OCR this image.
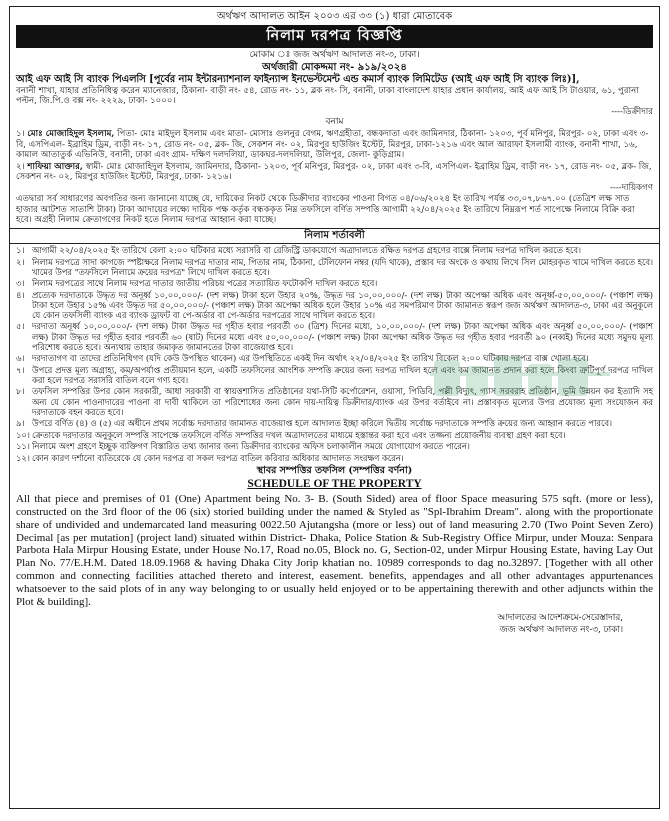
অর্থঋণ আদালত আইন ২০০৩ এর ৩৩ (১) ধারা মোতাবেক
নিলাম দরপত্র বিজ্ঞপ্তি
মোকাম ঃ জজ অর্থঋণ আদালত নং-৩, ঢাকা।
অর্থজারী মোকদ্দমা নং- ৯১৯/২০২৪
আই এফ আই সি ব্যাংক পিএলসি [পূর্বের নাম ইন্টারন্যাশনাল ফাইন্যান্স ইনভেস্টমেন্ট এন্ড কমার্স ব্যাংক লিমিটেড (আই এফ আই সি ব্যাংক লিঃ)],
বনানী শাখা, যাহার প্রতিনিধিত্ব করেন ম্যানেজার, ঠিকানা- বাড়ী নং- ৫৪, রোড নং- ১১, ব্লক নং- সি, বনানী, ঢাকা বাংলাদেশ যাহার প্রধান কার্যালয়, আই এফ আই সি টাওয়ার, ৬১, পুরানা পল্টন, জি.পি.ও বক্স নং- ২২২৯, ঢাকা- ১০০০।
----ডিক্রীদার
বনাম
১। মোঃ মোজাহিদুল ইসলাম, পিতা- মোঃ মাইদুল ইসলাম এবং মাতা- মোসাঃ গুলনুর বেগম, ঋণগ্রহীতা, বন্ধকদাতা এবং জামিনদার, ঠিকানা- ১২০৩, পূর্ব মনিপুর, মিরপুর- ০২, ঢাকা এবং ৩-বি, এসপিএল- ইব্রাহিম ড্রিম, বাড়ী নং- ১৭, রোড নং- ০৫, ব্লক- জি, সেকশন নং- ০২, মিরপুর হাউজিং ইস্টেট, মিরপুর, ঢাকা-১২১৬ এবং আল আরাফা ইসলামী ব্যাংক, বনানী শাখা, ১৬, কামাল আতাতুর্ক এভিনিউ, বনানী, ঢাকা এবং গ্রাম- দক্ষিণ দলদলিয়া, ডাকঘর-দলদলিয়া, উলিপুর, জেলা- কুড়িগ্রাম।
২। শাফিয়া আক্তার, স্বামী- মোঃ মোজাহিদুল ইসলাম, জামিনদার, ঠিকানা- ১২০৩, পূর্ব মনিপুর, মিরপুর- ০২, ঢাকা এবং ৩-বি, এসপিএল- ইব্রাহিম ড্রিম, বাড়ী নং- ১৭, রোড নং- ০৫, ব্লক- জি, সেকশন নং- ০২, মিরপুর হাউজিং ইস্টেট, মিরপুর, ঢাকা- ১২১৬।
----দায়িকগণ
এতদ্বারা সর্ব সাধারণের অবগতির জন্য জানানো যাচ্ছে যে, দায়িকের নিকট থেকে ডিক্রীদার ব্যাংকের পাওনা বিগত ০৪/০৬/২০২৪ ইং তারিখ পর্যন্ত ৩৩,০৭,৮৬৭.০০ (তেত্রিশ লক্ষ সাত হাজার আটশত সাতাশি টাকা) টাকা আদায়ের লক্ষ্যে দায়িক পক্ষ কর্তৃক বন্ধককৃত নিম্ন তফসিলে বর্ণিত সম্পত্তি আগামী ২২/০৪/২০২৫ ইং তারিখে নিম্নরূপ শর্ত সাপেক্ষে নিলামে বিক্রি করা হবে। অগ্রহী নিলাম ক্রেতাগণের নিকট হতে নিলাম দরপত্র আহ্বান করা যাচ্ছে।
নিলাম শর্তাবলী
১। আগামী ২২/০৪/২০২৫ ইং তারিখে বেলা ২:০০ ঘটিকার মধ্যে সরাসরি বা রেজিস্ট্রি ডাকযোগে অত্রাদালতে রক্ষিত দরপত্র গ্রহণের বাক্সে নিলাম দরপত্র দাখিল করতে হবে।
২। নিলাম দরপত্রে সাদা কাগজে স্পষ্টাক্ষরে নিলাম দরপত্র দাতার নাম, পিতার নাম, ঠিকানা, টেলিফোন নম্বর (যদি থাকে), প্রস্তাব দর অংকে ও কথায় লিখে সিল মোহরকৃত খামে দাখিল করতে হবে। খামের উপর "তফসিলে নিলামে ক্রয়ের দরপত্র" লিখে দাখিল করতে হবে।
৩। নিলাম দরপত্রের সাথে নিলাম দরপত্র দাতার জাতীয় পরিচয় পত্রের সত্যায়িত ফটোকপি দাখিল করতে হবে।
৪। প্রত্যেক দরদাতাকে উদ্ধৃত দর অনূর্ধ্ব ১০,০০,০০০/- (দশ লক্ষ) টাকা হলে উহার ২০%, উদ্ধৃত দর ১০,০০,০০০/- (দশ লক্ষ) টাকা অপেক্ষা অধিক এবং অনূর্ধ্ব-৫০,০০,০০০/- (পঞ্চাশ লক্ষ) টাকা হলে উহার ১৫% এবং উদ্ধৃত দর ৫০,০০,০০০/- (পঞ্চাশ লক্ষ) টাকা অপেক্ষা অধিক হলে উহার ১০% এর সমপরিমাণ টাকা জামানত স্বরূপ জজ অর্থঋণ আদালত-৩, ঢাকা এর অনুকূলে যে কোন তফসিলী ব্যাংক এর ব্যাংক ড্রাফট বা পে-অর্ডার বা পে-অর্ডার দরপত্রের সাথে দাখিল করতে হবে।
৫। দরদাতা অনূর্ধ্ব ১০,০০,০০০/- (দশ লক্ষ) টাকা উদ্ধৃত দর গৃহীত হবার পরবর্তী ৩০ (ত্রিশ) দিনের মধ্যে, ১০,০০,০০০/- (দশ লক্ষ) টাকা অপেক্ষা অধিক এবং অনূর্ধ্ব ৫০,০০,০০০/- (পঞ্চাশ লক্ষ) টাকা উদ্ধৃত দর গৃহীত হবার পরবর্তী ৬০ (ষাট) দিনের মধ্যে এবং ৫০,০০,০০০/- (পঞ্চাশ লক্ষ) টাকা অপেক্ষা অধিক উদ্ধৃত দর গৃহীত হবার পরবর্তী ৯০ (নব্বই) দিনের মধ্যে সমুদয় মূল্য পরিশোধ করতে হবে। অন্যথায় তাহার জমাকৃত জামানতের টাকা বাজেয়াপ্ত হবে।
৬। দরদাতাগণ বা তাদের প্রতিনিধিগণ (যদি কেউ উপস্থিত থাকেন) এর উপস্থিতিতে একই দিন অর্থাৎ ২২/০৪/২০২৫ ইং তারিখ বিকেল ২:০০ ঘটিকায় দরপত্র বাক্স খোলা হবে।
৭। উপরে প্রদত্ত মূল্য অগ্রাহ্য, কম/অপর্যাপ্ত প্রতীয়মান হলে, একটি তফসিলের আংশিক সম্পত্তি ক্রয়ের জন্য দরপত্র দাখিল হলে এবং কম জামানত প্রদান করা হলে কিংবা ত্রুটিপূর্ণ দরপত্র দাখিল করা হলে দরপত্র সরাসরি বাতিল বলে গণ্য হবে।
৮। তফসিল সম্পত্তির উপর কোন সরকারী, আধা সরকারী বা স্বায়ত্তশাসিত প্রতিষ্ঠানের যথা-সিটি কর্পোরেশন, ওয়াসা, পিডিবি, পল্লী বিদ্যুৎ, গ্যাস সরবরাহ প্রতিষ্ঠান, ভূমি উন্নয়ন কর ইত্যাদি সহ অন্য যে কোন পাওনাদারের পাওনা বা দাবী থাকিলে তা পরিশোধের জন্য কোন দায়-দায়িত্ব ডিক্রীদার/ব্যাংক এর উপর বর্তাইবে না। প্রস্তাবকৃত মূল্যের উপর প্রযোজ্য মূল্য সংযোজন কর দরদাতাকে বহন করতে হবে।
৯। উপরে বর্ণিত (৪) ও (৫) এর অধীনে প্রথম সর্বোচ্চ দরদাতার জামানত বাজেয়াপ্ত হলে আদালত ইচ্ছা করিলে দ্বিতীয় সর্বোচ্চ দরদাতাকে সম্পত্তি ক্রয়ের জন্য আহ্বান করতে পারবে।
১০। ক্রেতাকে দরদাতার অনুকূলে সম্পত্তি সাপেক্ষে তফসিলে বর্ণিত সম্পত্তির দখল অত্রাদালতের মাধ্যমে হস্তান্তর করা হবে এবং তজ্জন্য প্রয়োজনীয় ব্যবস্থা গ্রহণ করা হবে।
১১। নিলামে অংশ গ্রহণে ইচ্ছুক ব্যক্তিগণ বিস্তারিত তথ্য জানার জন্য ডিক্রীদার ব্যাংকের অফিস চলাকালীন সময়ে যোগাযোগ করতে পারেন।
১২। কোন কারণ দর্শানো ব্যতিরেকে যে কোন দরপত্র বা সকল দরপত্র বাতিল করিবার অধিকার আদালত সংরক্ষণ করেন।
স্থাবর সম্পত্তির তফসিল (সম্পত্তির বর্ণনা)
SCHEDULE OF THE PROPERTY
All that piece and premises of 01 (One) Apartment being No. 3- B. (South Sided) area of floor Space measuring 575 sqft. (more or less), constructed on the 3rd floor of the 06 (six) storied building under the named & Styled as "Spl-Ibrahim Dream". along with the proportionate share of undivided and undemarcated land measuring 0022.50 Ajutangsha (more or less) out of land measuring 2.70 (Two Point Seven Zero) Decimal [as per mutation] (project land) situated within District- Dhaka, Police Station & Sub-Registry Office Mirpur, under Mouza: Senpara Parbota Hala Mirpur Housing Estate, under House No.17, Road no.05, Block no. G, Section-02, under Mirpur Housing Estate, having Lay Out Plan No. 77/E.H.M. Dated 18.09.1968 & having Dhaka City Jorip khatian no. 10989 corresponds to dag no.32897. [Together with all other common and connecting facilities attached thereto and interest, easement. benefits, appendages and all other advantages appurtenances whatsoever to the said plots of in any way belonging to or usually held enjoyed or to be appertaining therewith and other adjuncts within the Plot & building].
আদালতের আদেশক্রমে-সেরেস্তাদার,
জজ অর্থঋণ আদালত নং-৩, ঢাকা।
